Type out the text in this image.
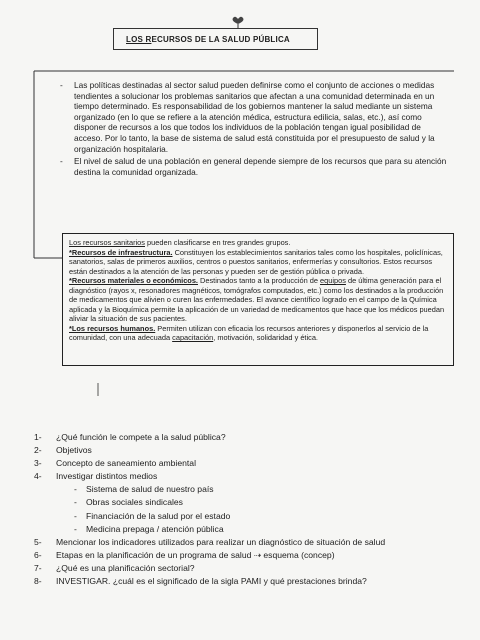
LOS RECURSOS DE LA SALUD PÚBLICA
- Las políticas destinadas al sector salud pueden definirse como el conjunto de acciones o medidas tendientes a solucionar los problemas sanitarios que afectan a una comunidad determinada en un tiempo determinado. Es responsabilidad de los gobiernos mantener la salud mediante un sistema organizado (en lo que se refiere a la atención médica, estructura edilicia, salas, etc.), así como disponer de recursos a los que todos los individuos de la población tengan igual posibilidad de acceso. Por lo tanto, la base de sistema de salud está constituida por el presupuesto de salud y la organización hospitalaria.
- El nivel de salud de una población en general depende siempre de los recursos que para su atención destina la comunidad organizada.

Los recursos sanitarios pueden clasificarse en tres grandes grupos.

*Recursos de infraestructura. Constituyen los establecimientos sanitarios tales como los hospitales, policlínicas, sanatorios, salas de primeros auxilios, centros o puestos sanitarios, enfermerías y consultorios. Estos recursos están destinados a la atención de las personas y pueden ser de gestión pública o privada.

*Recursos materiales o económicos. Destinados tanto a la producción de equipos de última generación para el diagnóstico (rayos x, resonadores magnéticos, tomógrafos computados, etc.) como los destinados a la producción de medicamentos que alivien o curen las enfermedades. El avance científico logrado en el campo de la Química aplicada y la Bioquímica permite la aplicación de un variedad de medicamentos que hace que los médicos puedan aliviar la situación de sus pacientes.

*Los recursos humanos. Permiten utilizan con eficacia los recursos anteriores y disponerlos al servicio de la comunidad, con una adecuada capacitación, motivación, solidaridad y ética.

1- ¿Qué función le compete a la salud pública?
2- Objetivos
3- Concepto de saneamiento ambiental
4- Investigar distintos medios
- Sistema de salud de nuestro país
- Obras sociales sindicales
- Financiación de la salud por el estado
- Medicina prepaga / atención pública
5- Mencionar los indicadores utilizados para realizar un diagnóstico de situación de salud
6- Etapas en la planificación de un programa de salud ⇢ esquema (concep)
7- ¿Qué es una planificación sectorial?
8- INVESTIGAR. ¿cuál es el significado de la sigla PAMI y qué prestaciones brinda?
